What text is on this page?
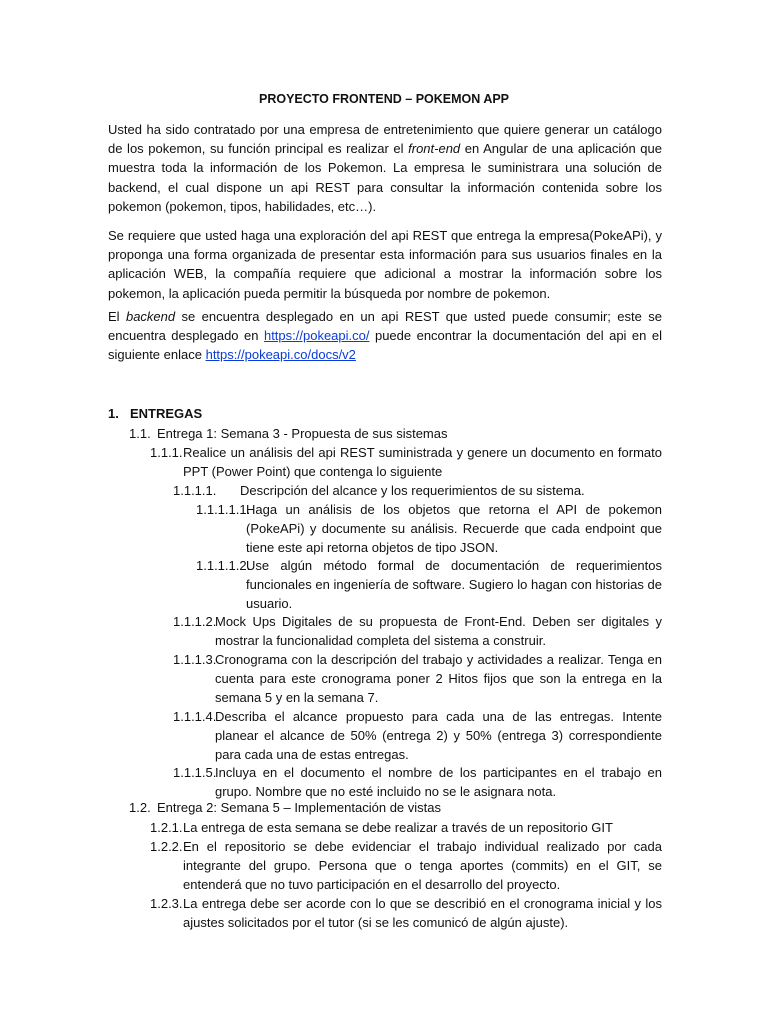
PROYECTO FRONTEND – POKEMON APP

Usted ha sido contratado por una empresa de entretenimiento que quiere generar un catálogo de los pokemon, su función principal es realizar el front-end en Angular de una aplicación que muestra toda la información de los Pokemon. La empresa le suministrara una solución de backend, el cual dispone un api REST para consultar la información contenida sobre los pokemon (pokemon, tipos, habilidades, etc…).

Se requiere que usted haga una exploración del api REST que entrega la empresa(PokeAPi), y proponga una forma organizada de presentar esta información para sus usuarios finales en la aplicación WEB, la compañía requiere que adicional a mostrar la información sobre los pokemon, la aplicación pueda permitir la búsqueda por nombre de pokemon.

El backend se encuentra desplegado en un api REST que usted puede consumir; este se encuentra desplegado en https://pokeapi.co/ puede encontrar la documentación del api en el siguiente enlace https://pokeapi.co/docs/v2

1. ENTREGAS
1.1. Entrega 1: Semana 3 - Propuesta de sus sistemas
1.1.1. Realice un análisis del api REST suministrada y genere un documento en formato PPT (Power Point) que contenga lo siguiente
1.1.1.1. Descripción del alcance y los requerimientos de su sistema.
1.1.1.1.1.
Haga un análisis de los objetos que retorna el API de pokemon (PokeAPi) y documente su análisis. Recuerde que cada endpoint que tiene este api retorna objetos de tipo JSON.
1.1.1.1.2.
Use algún método formal de documentación de requerimientos funcionales en ingeniería de software. Sugiero lo hagan con historias de usuario.
1.1.1.2.
Mock Ups Digitales de su propuesta de Front-End. Deben ser digitales y mostrar la funcionalidad completa del sistema a construir.
1.1.1.3.
Cronograma con la descripción del trabajo y actividades a realizar. Tenga en cuenta para este cronograma poner 2 Hitos fijos que son la entrega en la semana 5 y en la semana 7.
1.1.1.4.
Describa el alcance propuesto para cada una de las entregas. Intente planear el alcance de 50% (entrega 2) y 50% (entrega 3) correspondiente para cada una de estas entregas.
1.1.1.5.
Incluya en el documento el nombre de los participantes en el trabajo en grupo. Nombre que no esté incluido no se le asignara nota.
1.2. Entrega 2: Semana 5 – Implementación de vistas
1.2.1. La entrega de esta semana se debe realizar a través de un repositorio GIT
1.2.2. En el repositorio se debe evidenciar el trabajo individual realizado por cada integrante del grupo. Persona que o tenga aportes (commits) en el GIT, se entenderá que no tuvo participación en el desarrollo del proyecto.
1.2.3. La entrega debe ser acorde con lo que se describió en el cronograma inicial y los ajustes solicitados por el tutor (si se les comunicó de algún ajuste).
